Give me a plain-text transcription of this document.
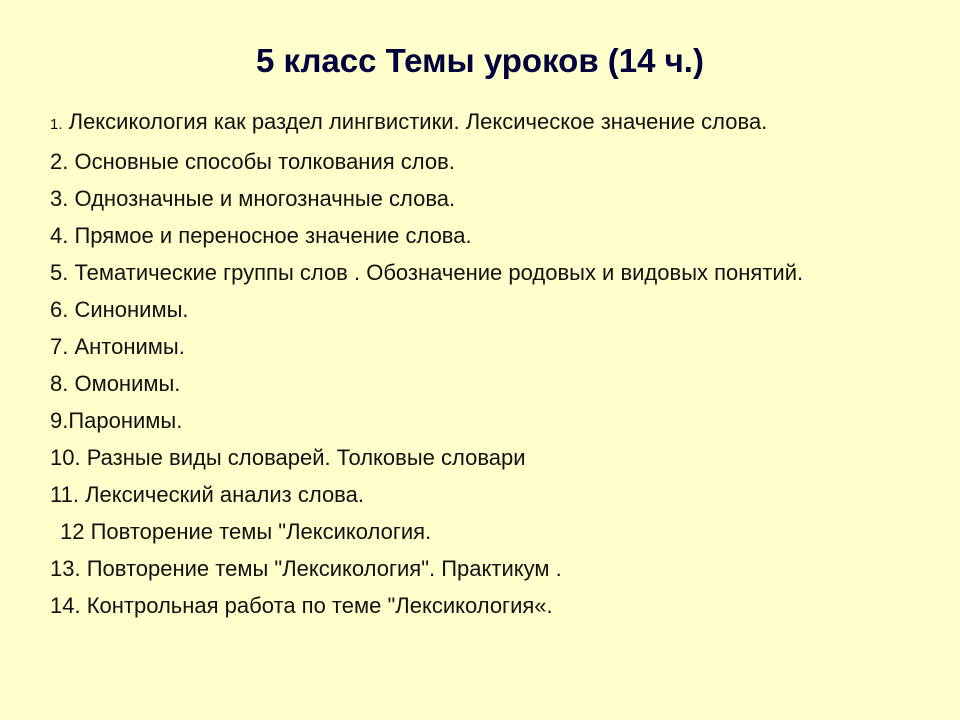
5 класс Темы уроков (14 ч.)
1. Лексикология как раздел лингвистики. Лексическое значение слова.
2. Основные способы толкования слов.
3. Однозначные и многозначные слова.
4. Прямое и переносное значение слова.
5. Тематические группы слов . Обозначение родовых и видовых понятий.
6. Синонимы.
7. Антонимы.
8. Омонимы.
9.Паронимы.
10. Разные виды словарей. Толковые словари
11. Лексический анализ слова.
12 Повторение темы "Лексикология.
13. Повторение темы "Лексикология". Практикум .
14. Контрольная работа по теме "Лексикология«.
